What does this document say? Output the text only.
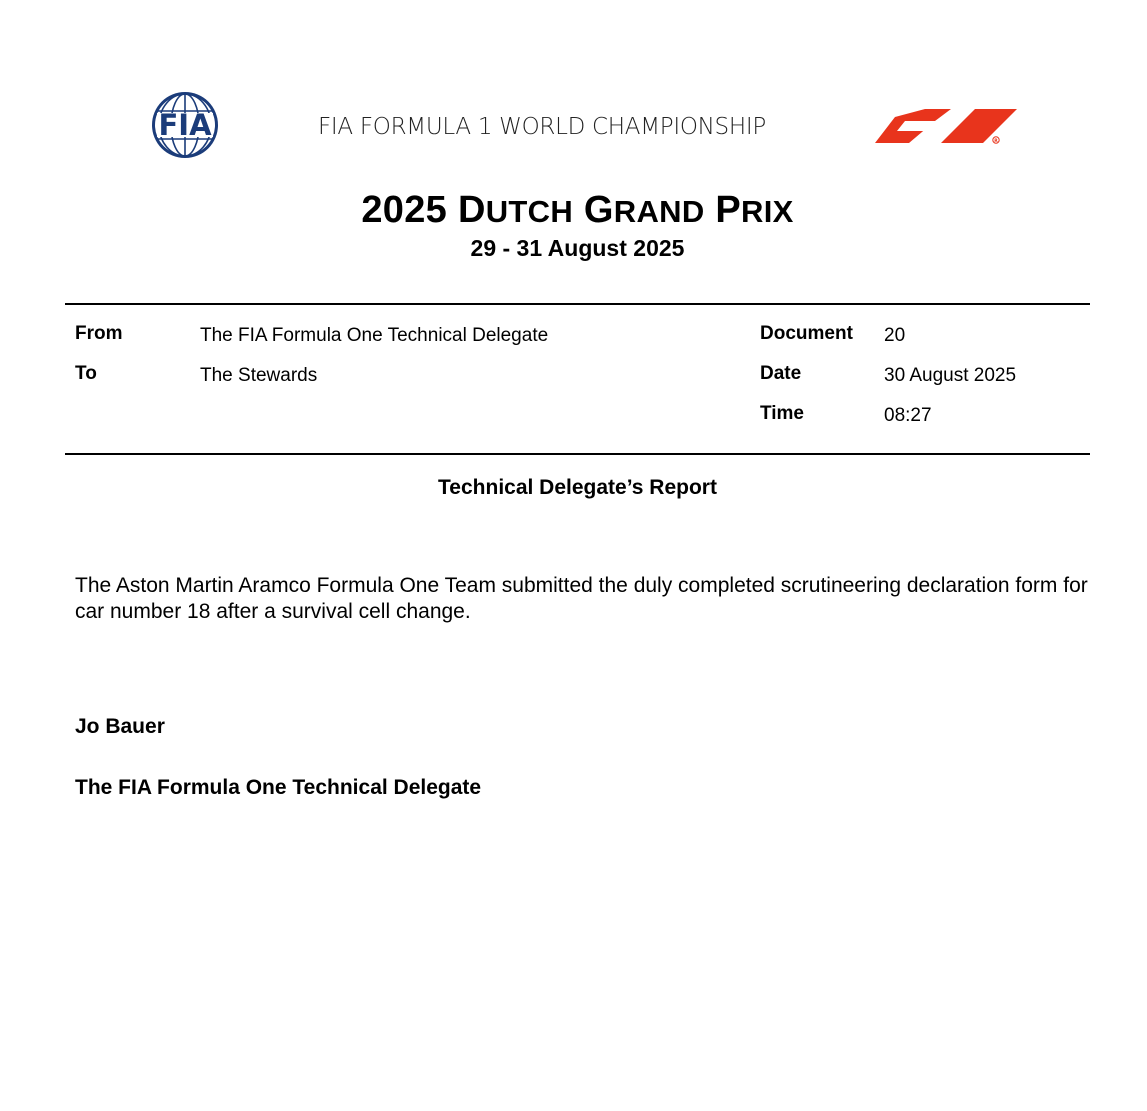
FIA	FIA FORMULA 1 WORLD CHAMPIONSHIP
R
2025 DUTCH GRAND PRIX
29 - 31 August 2025
From	The FIA Formula One Technical Delegate
To	The Stewards
Document 20
Date	30 August 2025
Time	08:27
Technical Delegate’s Report
The Aston Martin Aramco Formula One Team submitted the duly completed scrutineering declaration form for car number 18 after a survival cell change.
Jo Bauer
The FIA Formula One Technical Delegate
